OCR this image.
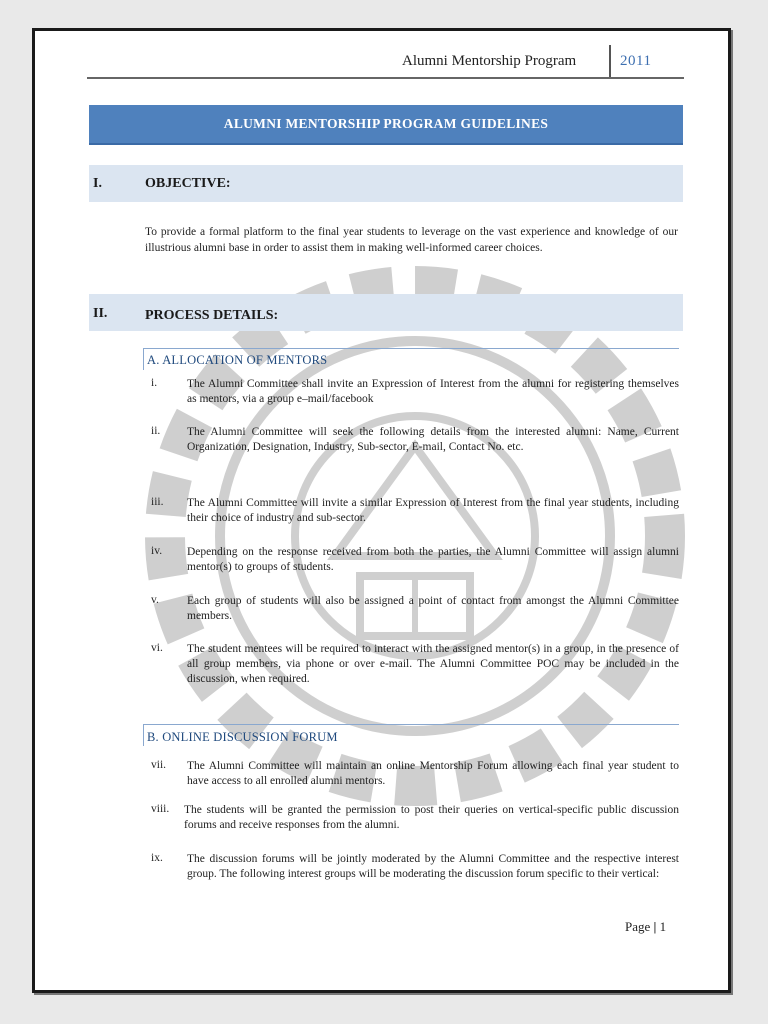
Alumni Mentorship Program	2011
ALUMNI MENTORSHIP PROGRAM GUIDELINES
I.	OBJECTIVE:
To provide a formal platform to the final year students to leverage on the vast experience and knowledge of our illustrious alumni base in order to assist them in making well-informed career choices.
II.	PROCESS DETAILS:
A. ALLOCATION OF MENTORS
i.	The Alumni Committee shall invite an Expression of Interest from the alumni for registering themselves as mentors, via a group e–mail/facebook
ii. The Alumni Committee will seek the following details from the interested alumni: Name, Current Organization, Designation, Industry, Sub-sector, E-mail, Contact No. etc.
iii. The Alumni Committee will invite a similar Expression of Interest from the final year students, including their choice of industry and sub-sector.
iv. Depending on the response received from both the parties, the Alumni Committee will assign alumni mentor(s) to groups of students.
v. Each group of students will also be assigned a point of contact from amongst the Alumni Committee members.
vi. The student mentees will be required to interact with the assigned mentor(s) in a group, in the presence of all group members, via phone or over e-mail. The Alumni Committee POC may be included in the discussion, when required.
B. ONLINE DISCUSSION FORUM
vii. The Alumni Committee will maintain an online Mentorship Forum allowing each final year student to have access to all enrolled alumni mentors.
viii. The students will be granted the permission to post their queries on vertical-specific public discussion forums and receive responses from the alumni.
ix. The discussion forums will be jointly moderated by the Alumni Committee and the respective interest group. The following interest groups will be moderating the discussion forum specific to their vertical:
Page | 1
